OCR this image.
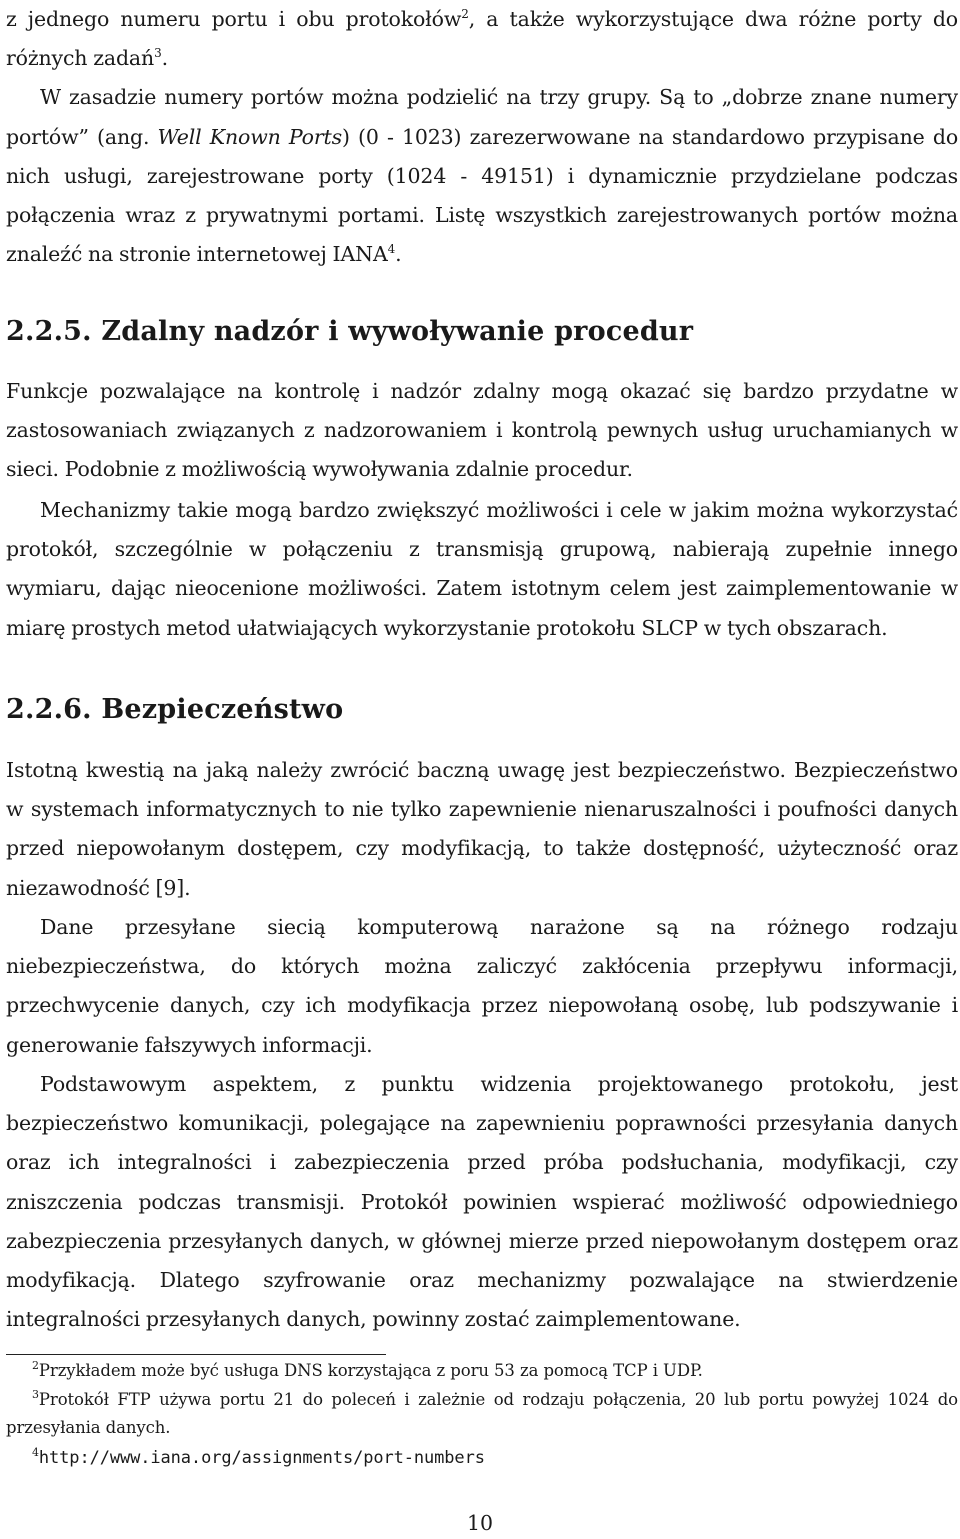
z jednego numeru portu i obu protokołów$^2$, a także wykorzystujące dwa różne porty do różnych zadań$^3$.

W zasadzie numery portów można podzielić na trzy grupy. Są to „dobrze znane numery portów” (ang. Well Known Ports) (0 - 1023) zarezerwowane na standardowo przypisane do nich usługi, zarejestrowane porty (1024 - 49151) i dynamicznie przydzielane podczas połączenia wraz z prywatnymi portami. Listę wszystkich zarejestrowanych portów można znaleźć na stronie internetowej IANA$^4$.

2.2.5. Zdalny nadzór i wywoływanie procedur

Funkcje pozwalające na kontrolę i nadzór zdalny mogą okazać się bardzo przydatne w zastosowaniach związanych z nadzorowaniem i kontrolą pewnych usług uruchamianych w sieci. Podobnie z możliwością wywoływania zdalnie procedur.

Mechanizmy takie mogą bardzo zwiększyć możliwości i cele w jakim można wykorzystać protokół, szczególnie w połączeniu z transmisją grupową, nabierają zupełnie innego wymiaru, dając nieocenione możliwości. Zatem istotnym celem jest zaimplementowanie w miarę prostych metod ułatwiających wykorzystanie protokołu SLCP w tych obszarach.

2.2.6. Bezpieczeństwo

Istotną kwestią na jaką należy zwrócić baczną uwagę jest bezpieczeństwo. Bezpieczeństwo w systemach informatycznych to nie tylko zapewnienie nienaruszalności i poufności danych przed niepowołanym dostępem, czy modyfikacją, to także dostępność, użyteczność oraz niezawodność [9].

Dane przesyłane siecią komputerową narażone są na różnego rodzaju niebezpieczeństwa, do których można zaliczyć zakłócenia przepływu informacji, przechwycenie danych, czy ich modyfikacja przez niepowołaną osobę, lub podszywanie i generowanie fałszywych informacji.

Podstawowym aspektem, z punktu widzenia projektowanego protokołu, jest bezpieczeństwo komunikacji, polegające na zapewnieniu poprawności przesyłania danych oraz ich integralności i zabezpieczenia przed próba podsłuchania, modyfikacji, czy zniszczenia podczas transmisji. Protokół powinien wspierać możliwość odpowiedniego zabezpieczenia przesyłanych danych, w głównej mierze przed niepowołanym dostępem oraz modyfikacją. Dlatego szyfrowanie oraz mechanizmy pozwalające na stwierdzenie integralności przesyłanych danych, powinny zostać zaimplementowane.

$^2$Przykładem może być usługa DNS korzystająca z poru 53 za pomocą TCP i UDP.

$^3$Protokół FTP używa portu 21 do poleceń i zależnie od rodzaju połączenia, 20 lub portu powyżej 1024 do przesyłania danych.

$^4$http://www.iana.org/assignments/port-numbers

10
